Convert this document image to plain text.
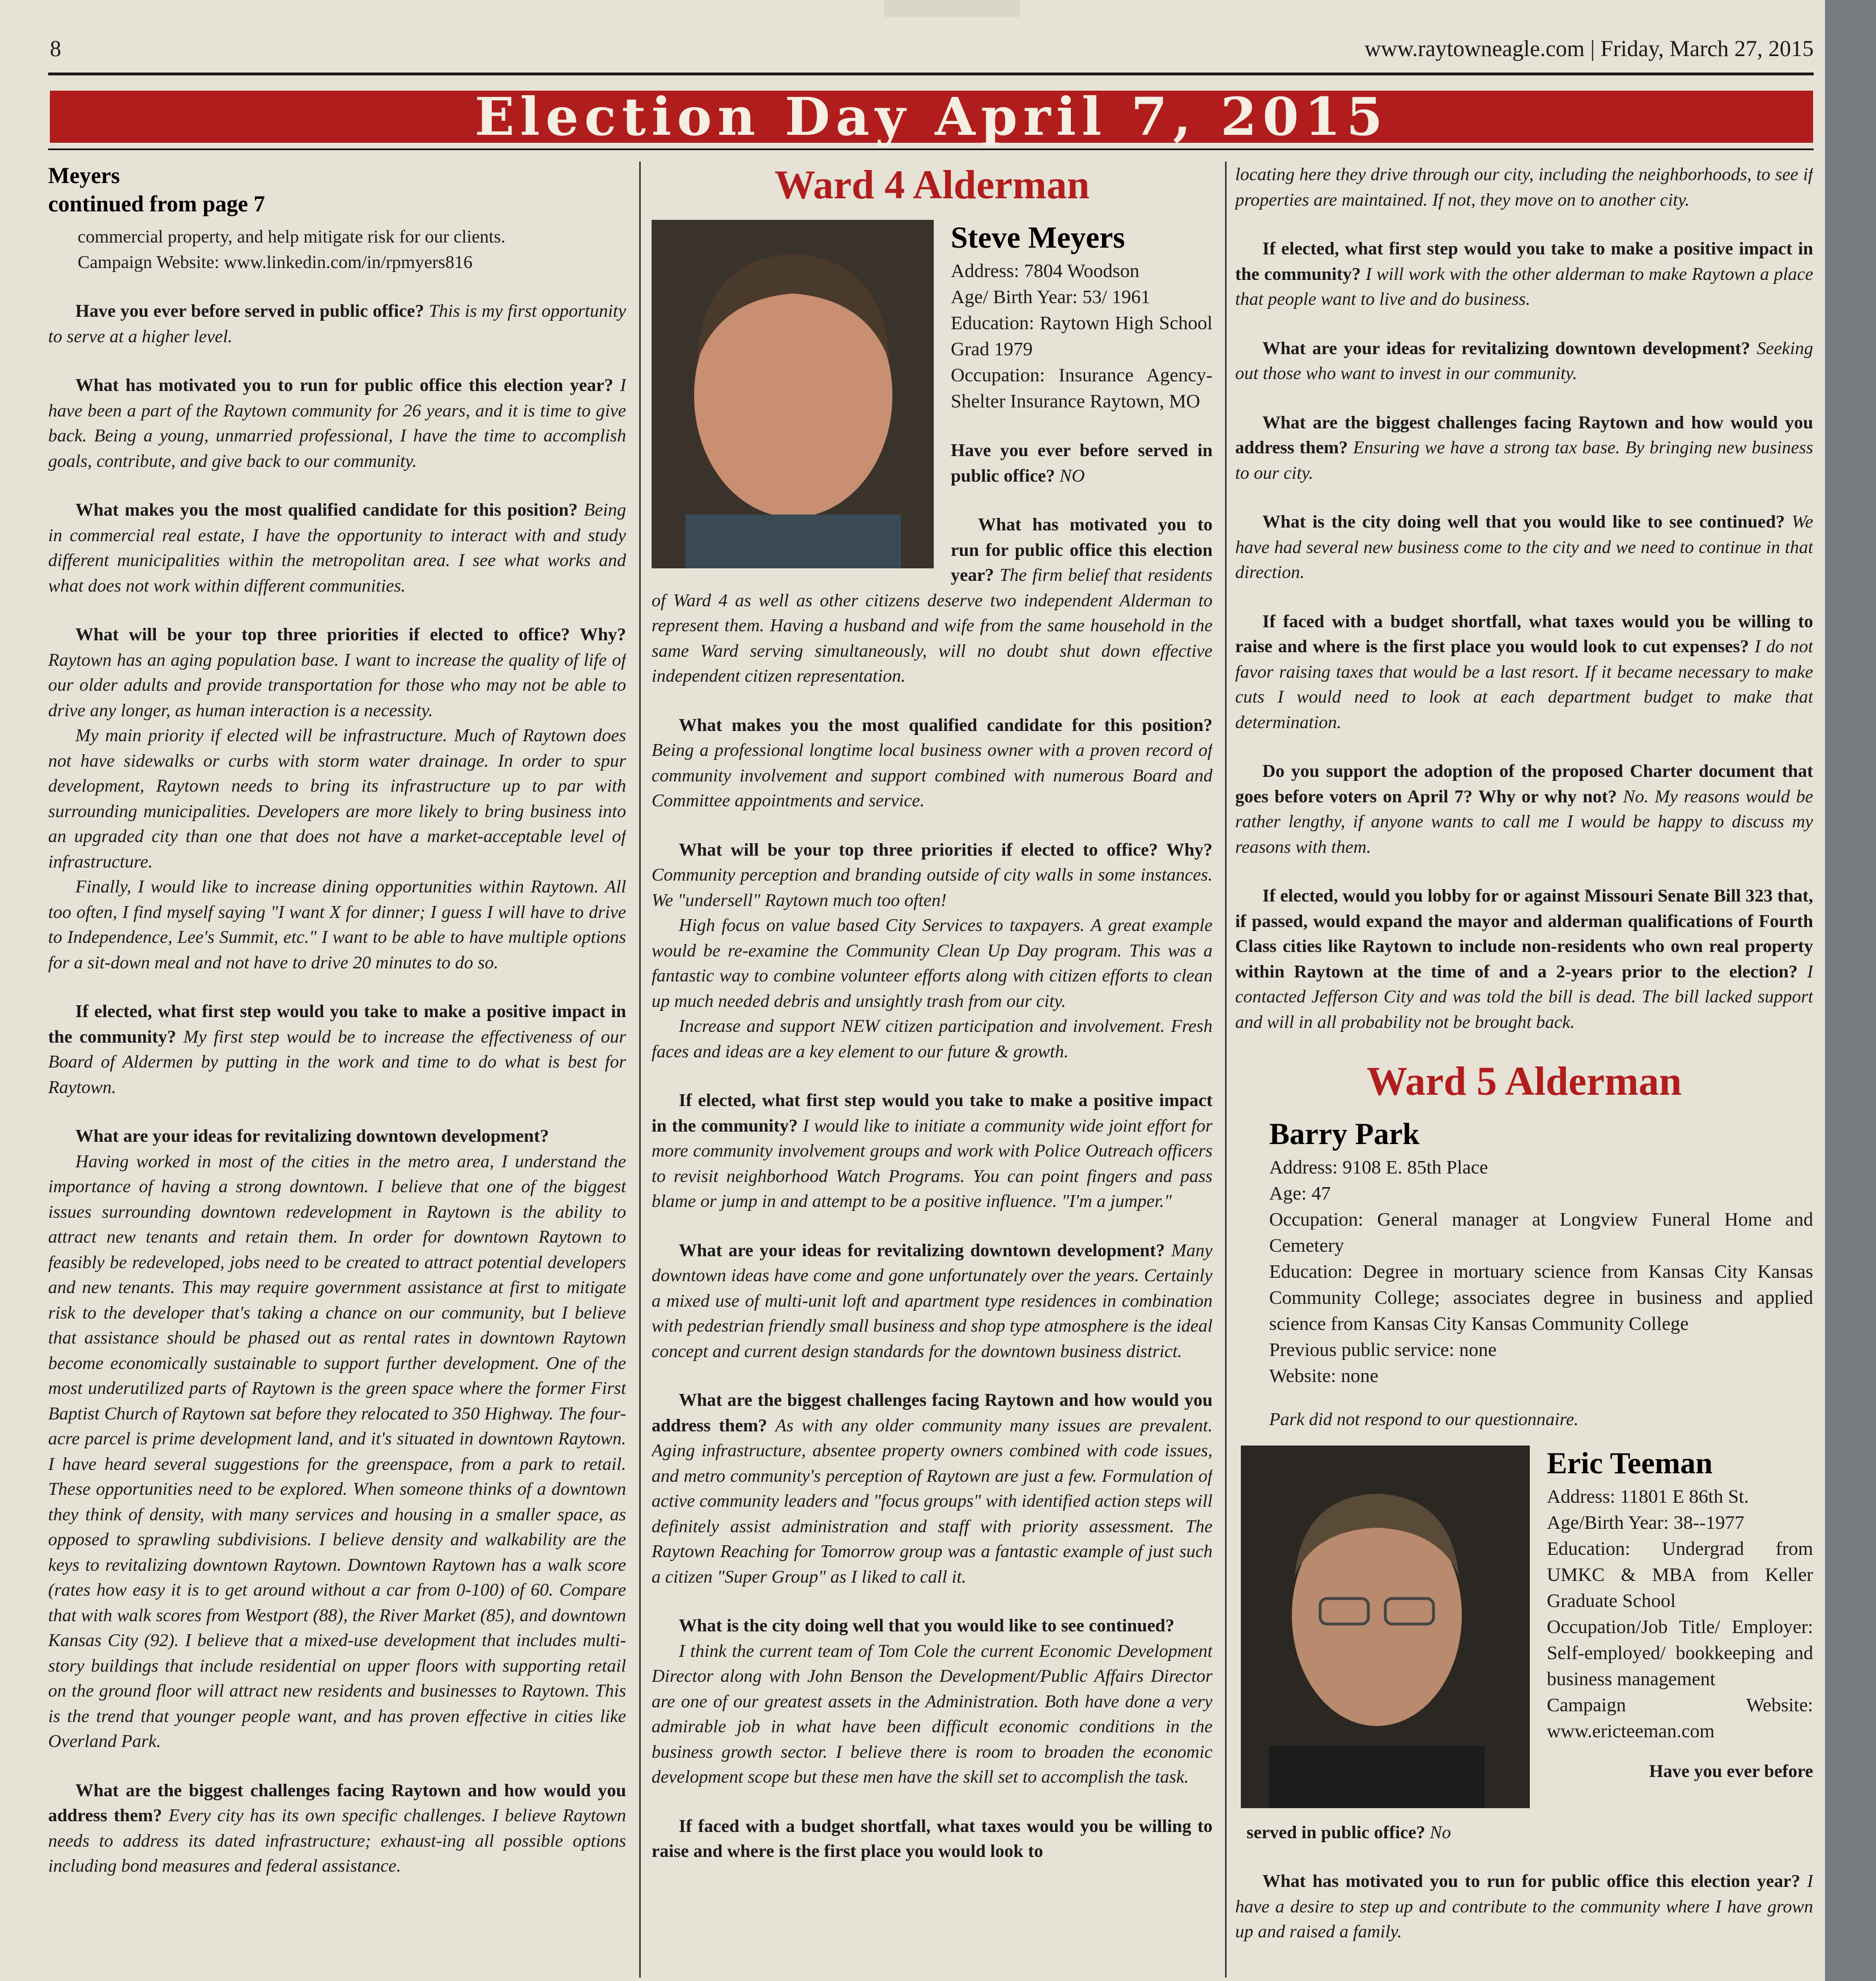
8	www.raytowneagle.com | Friday, March 27, 2015
Election Day April 7, 2015
Meyers
continued from page 7

commercial property, and help mitigate risk for our clients.

Campaign Website: www.linkedin.com/in/rpmyers816

Have you ever before served in public office? This is my first opportunity to serve at a higher level.

What has motivated you to run for public office this election year? I have been a part of the Raytown community for 26 years, and it is time to give back. Being a young, unmarried professional, I have the time to accomplish goals, contribute, and give back to our community.

What makes you the most qualified candidate for this position? Being in commercial real estate, I have the opportunity to interact with and study different municipalities within the metropolitan area. I see what works and what does not work within different communities.

What will be your top three priorities if elected to office? Why? Raytown has an aging population base. I want to increase the quality of life of our older adults and provide transportation for those who may not be able to drive any longer, as human interaction is a necessity.

My main priority if elected will be infrastructure. Much of Raytown does not have sidewalks or curbs with storm water drainage. In order to spur development, Raytown needs to bring its infrastructure up to par with surrounding municipalities. Developers are more likely to bring business into an upgraded city than one that does not have a market-acceptable level of infrastructure.

Finally, I would like to increase dining opportunities within Raytown. All too often, I find myself saying "I want X for dinner; I guess I will have to drive to Independence, Lee's Summit, etc." I want to be able to have multiple options for a sit-down meal and not have to drive 20 minutes to do so.

If elected, what first step would you take to make a positive impact in the community? My first step would be to increase the effectiveness of our Board of Aldermen by putting in the work and time to do what is best for Raytown.

What are your ideas for revitalizing downtown development?

Having worked in most of the cities in the metro area, I understand the importance of having a strong downtown. I believe that one of the biggest issues surrounding downtown redevelopment in Raytown is the ability to attract new tenants and retain them. In order for downtown Raytown to feasibly be redeveloped, jobs need to be created to attract potential developers and new tenants. This may require government assistance at first to mitigate risk to the developer that's taking a chance on our community, but I believe that assistance should be phased out as rental rates in downtown Raytown become economically sustainable to support further development. One of the most underutilized parts of Raytown is the green space where the former First Baptist Church of Raytown sat before they relocated to 350 Highway. The four-acre parcel is prime development land, and it's situated in downtown Raytown. I have heard several suggestions for the greenspace, from a park to retail. These opportunities need to be explored. When someone thinks of a downtown they think of density, with many services and housing in a smaller space, as opposed to sprawling subdivisions. I believe density and walkability are the keys to revitalizing downtown Raytown. Downtown Raytown has a walk score (rates how easy it is to get around without a car from 0-100) of 60. Compare that with walk scores from Westport (88), the River Market (85), and downtown Kansas City (92). I believe that a mixed-use development that includes multi-story buildings that include residential on upper floors with supporting retail on the ground floor will attract new residents and businesses to Raytown. This is the trend that younger people want, and has proven effective in cities like Overland Park.

What are the biggest challenges facing Raytown and how would you address them? Every city has its own specific challenges. I believe Raytown needs to address its dated infrastructure; exhaust-ing all possible options including bond measures and federal assistance.

Ward 4 Alderman
Steve Meyers

Address: 7804 Woodson

Age/ Birth Year: 53/ 1961

Education: Raytown High School Grad 1979

Occupation: Insurance Agency-Shelter Insurance Raytown, MO

Have you ever before served in public office? NO

What has motivated you to run for public office this election year? The firm belief that residents of Ward 4 as well as other citizens deserve two independent Alderman to represent them. Having a husband and wife from the same household in the same Ward serving simultaneously, will no doubt shut down effective independent citizen representation.

What makes you the most qualified candidate for this position? Being a professional longtime local business owner with a proven record of community involvement and support combined with numerous Board and Committee appointments and service.

What will be your top three priorities if elected to office? Why? Community perception and branding outside of city walls in some instances. We "undersell" Raytown much too often!

High focus on value based City Services to taxpayers. A great example would be re-examine the Community Clean Up Day program. This was a fantastic way to combine volunteer efforts along with citizen efforts to clean up much needed debris and unsightly trash from our city.

Increase and support NEW citizen participation and involvement. Fresh faces and ideas are a key element to our future & growth.

If elected, what first step would you take to make a positive impact in the community? I would like to initiate a community wide joint effort for more community involvement groups and work with Police Outreach officers to revisit neighborhood Watch Programs. You can point fingers and pass blame or jump in and attempt to be a positive influence. "I'm a jumper."

What are your ideas for revitalizing downtown development? Many downtown ideas have come and gone unfortunately over the years. Certainly a mixed use of multi-unit loft and apartment type residences in combination with pedestrian friendly small business and shop type atmosphere is the ideal concept and current design standards for the downtown business district.

What are the biggest challenges facing Raytown and how would you address them? As with any older community many issues are prevalent. Aging infrastructure, absentee property owners combined with code issues, and metro community's perception of Raytown are just a few. Formulation of active community leaders and "focus groups" with identified action steps will definitely assist administration and staff with priority assessment. The Raytown Reaching for Tomorrow group was a fantastic example of just such a citizen "Super Group" as I liked to call it.

What is the city doing well that you would like to see continued?

I think the current team of Tom Cole the current Economic Development Director along with John Benson the Development/Public Affairs Director are one of our greatest assets in the Administration. Both have done a very admirable job in what have been difficult economic conditions in the business growth sector. I believe there is room to broaden the economic development scope but these men have the skill set to accomplish the task.

If faced with a budget shortfall, what taxes would you be willing to raise and where is the first place you would look to

locating here they drive through our city, including the neighborhoods, to see if properties are maintained. If not, they move on to another city.

If elected, what first step would you take to make a positive impact in the community? I will work with the other alderman to make Raytown a place that people want to live and do business.

What are your ideas for revitalizing downtown development? Seeking out those who want to invest in our community.

What are the biggest challenges facing Raytown and how would you address them? Ensuring we have a strong tax base. By bringing new business to our city.

What is the city doing well that you would like to see continued? We have had several new business come to the city and we need to continue in that direction.

If faced with a budget shortfall, what taxes would you be willing to raise and where is the first place you would look to cut expenses? I do not favor raising taxes that would be a last resort. If it became necessary to make cuts I would need to look at each department budget to make that determination.

Do you support the adoption of the proposed Charter document that goes before voters on April 7? Why or why not? No. My reasons would be rather lengthy, if anyone wants to call me I would be happy to discuss my reasons with them.

If elected, would you lobby for or against Missouri Senate Bill 323 that, if passed, would expand the mayor and alderman qualifications of Fourth Class cities like Raytown to include non-residents who own real property within Raytown at the time of and a 2-years prior to the election? I contacted Jefferson City and was told the bill is dead. The bill lacked support and will in all probability not be brought back.

Ward 5 Alderman
Barry Park

Address: 9108 E. 85th Place

Age: 47

Occupation: General manager at Longview Funeral Home and Cemetery

Education: Degree in mortuary science from Kansas City Kansas Community College; associates degree in business and applied science from Kansas City Kansas Community College

Previous public service: none

Website: none

Park did not respond to our questionnaire.

Eric Teeman

Address: 11801 E 86th St.

Age/Birth Year: 38--1977

Education: Undergrad from UMKC & MBA from Keller Graduate School

Occupation/Job Title/ Employer: Self-employed/ bookkeeping and business management

Campaign Website: www.ericteeman.com

Have you ever before

served in public office? No

What has motivated you to run for public office this election year? I have a desire to step up and contribute to the community where I have grown up and raised a family.
